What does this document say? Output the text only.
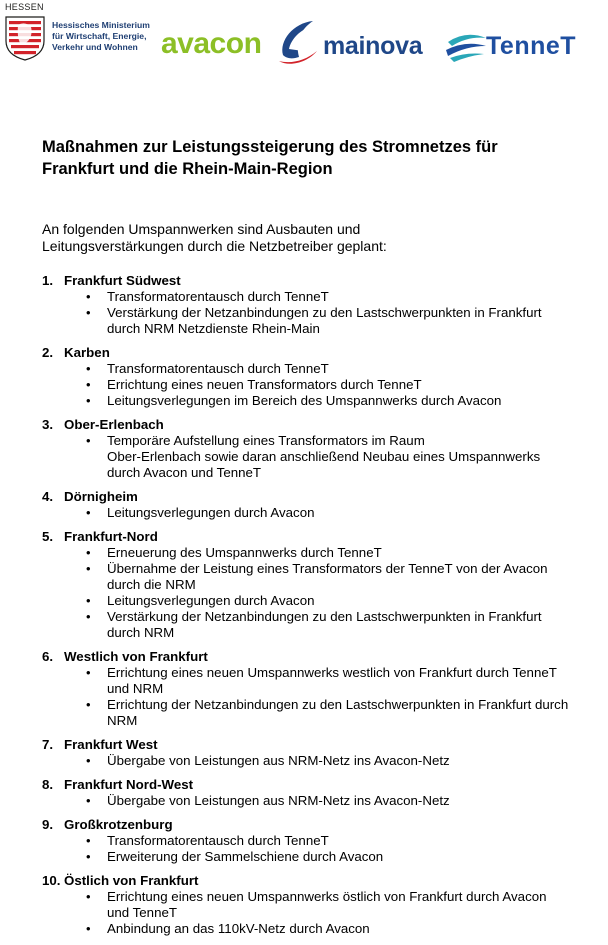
HESSEN
Hessisches Ministerium
für Wirtschaft, Energie,
Verkehr und Wohnen avacon mainova	TenneT
Maßnahmen zur Leistungssteigerung des Stromnetzes für
Frankfurt und die Rhein-Main-Region
An folgenden Umspannwerken sind Ausbauten und
Leitungsverstärkungen durch die Netzbetreiber geplant:
1. Frankfurt Südwest
• Transformatorentausch durch TenneT
• Verstärkung der Netzanbindungen zu den Lastschwerpunkten in Frankfurt
durch NRM Netzdienste Rhein-Main
2. Karben
• Transformatorentausch durch TenneT
• Errichtung eines neuen Transformators durch TenneT
• Leitungsverlegungen im Bereich des Umspannwerks durch Avacon
3. Ober-Erlenbach
• Temporäre Aufstellung eines Transformators im Raum
Ober-Erlenbach sowie daran anschließend Neubau eines Umspannwerks
durch Avacon und TenneT
4. Dörnigheim
• Leitungsverlegungen durch Avacon
5. Frankfurt-Nord
• Erneuerung des Umspannwerks durch TenneT
• Übernahme der Leistung eines Transformators der TenneT von der Avacon
durch die NRM
• Leitungsverlegungen durch Avacon
• Verstärkung der Netzanbindungen zu den Lastschwerpunkten in Frankfurt
durch NRM
6. Westlich von Frankfurt
• Errichtung eines neuen Umspannwerks westlich von Frankfurt durch TenneT
und NRM
• Errichtung der Netzanbindungen zu den Lastschwerpunkten in Frankfurt durch
NRM
7. Frankfurt West
• Übergabe von Leistungen aus NRM-Netz ins Avacon-Netz
8. Frankfurt Nord-West
• Übergabe von Leistungen aus NRM-Netz ins Avacon-Netz
9. Großkrotzenburg
• Transformatorentausch durch TenneT
• Erweiterung der Sammelschiene durch Avacon
10. Östlich von Frankfurt
• Errichtung eines neuen Umspannwerks östlich von Frankfurt durch Avacon
und TenneT
• Anbindung an das 110kV-Netz durch Avacon
